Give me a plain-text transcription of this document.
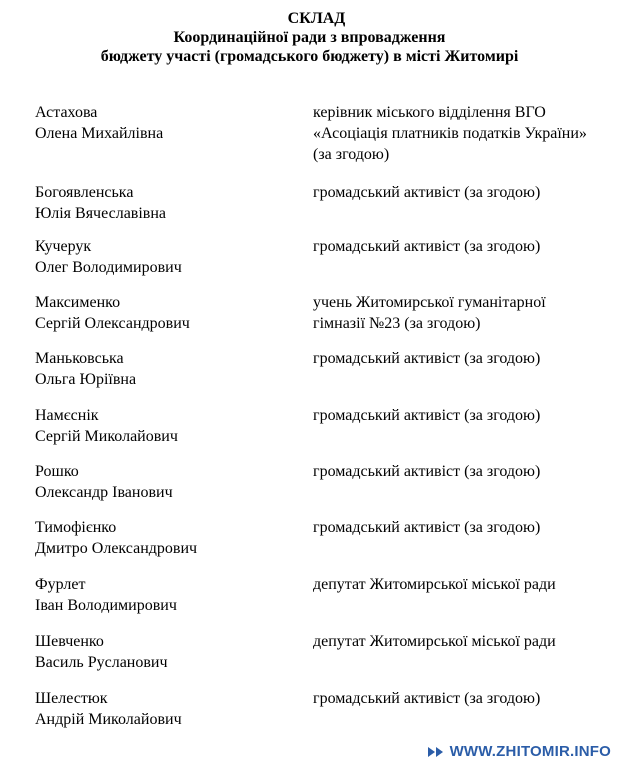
СКЛАД
Координаційної ради з впровадження
бюджету участі (громадського бюджету) в місті Житомирі
Астахова
Олена Михайлівна
керівник міського відділення ВГО
«Асоціація платників податків України»
(за згодою)
Богоявленська
Юлія Вячеславівна
громадський активіст (за згодою)
Кучерук
Олег Володимирович
громадський активіст (за згодою)
Максименко
Сергій Олександрович
учень Житомирської гуманітарної
гімназії №23 (за згодою)
Маньковська
Ольга Юріївна
громадський активіст (за згодою)
Намєснік
Сергій Миколайович
громадський активіст (за згодою)
Рошко
Олександр Іванович
громадський активіст (за згодою)
Тимофієнко
Дмитро Олександрович
громадський активіст (за згодою)
Фурлет
Іван Володимирович
депутат Житомирської міської ради
Шевченко
Василь Русланович
депутат Житомирської міської ради
Шелестюк
Андрій Миколайович
громадський активіст (за згодою)
WWW.ZHITOMIR.INFO
